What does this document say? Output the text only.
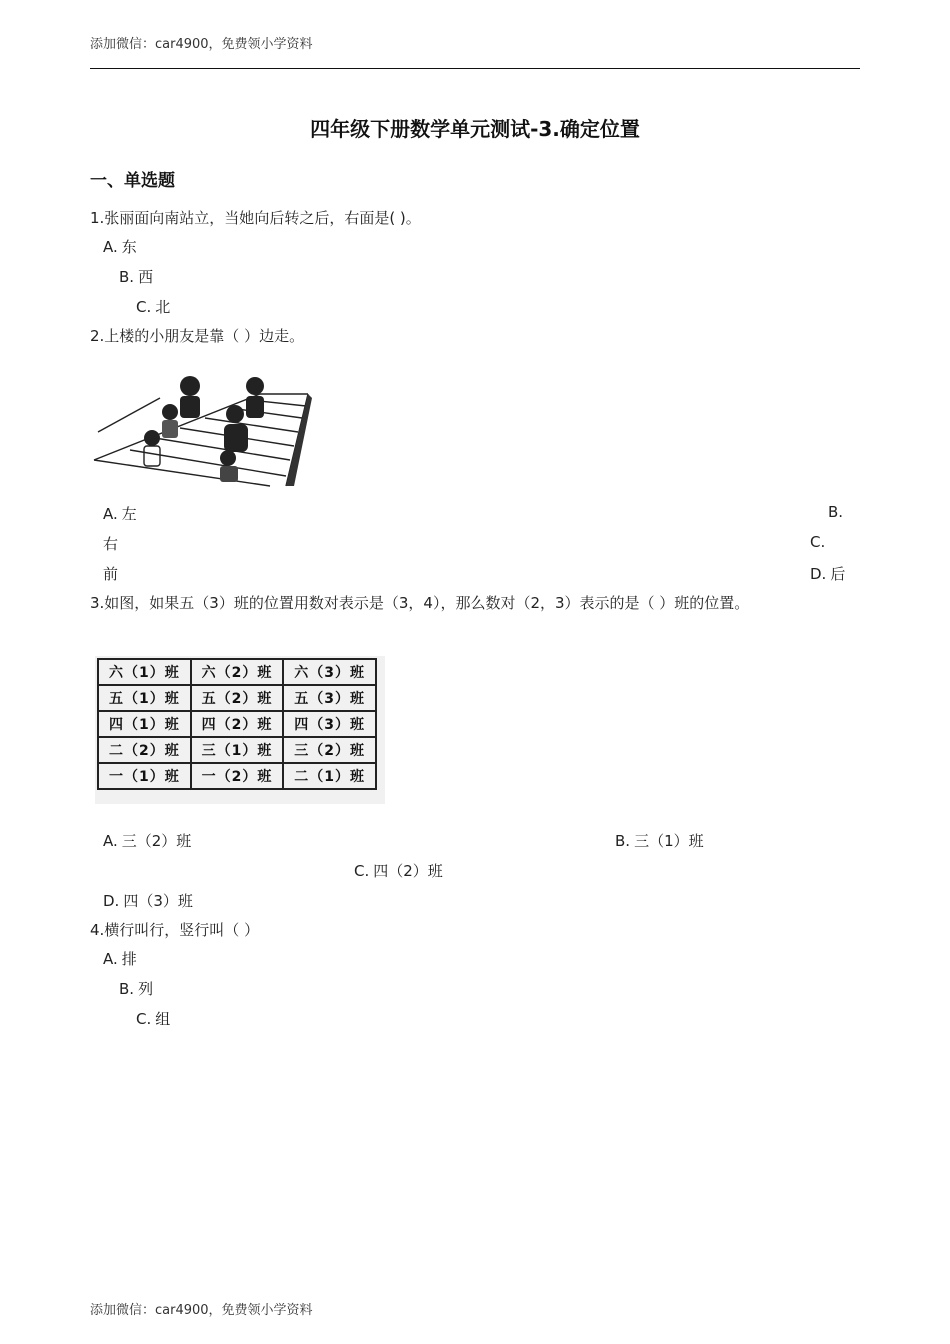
添加微信：car4900，免费领小学资料
四年级下册数学单元测试-3.确定位置
一、单选题
1.张丽面向南站立，当她向后转之后，右面是( )。
A. 东
B. 西
C. 北
2.上楼的小朋友是靠（ ）边走。
A. 左	B.
右	C.
前	D. 后
3.如图，如果五（3）班的位置用数对表示是（3，4），那么数对（2，3）表示的是（ ）班的位置。
六（1）班	六（2）班	六（3）班
五（1）班	五（2）班	五（3）班
四（1）班	四（2）班	四（3）班
二（2）班	三（1）班	三（2）班
一（1）班	一（2）班	二（1）班
A. 三（2）班	B. 三（1）班
C. 四（2）班
D. 四（3）班
4.横行叫行，竖行叫（ ）
A. 排
B. 列
C. 组
添加微信：car4900，免费领小学资料
